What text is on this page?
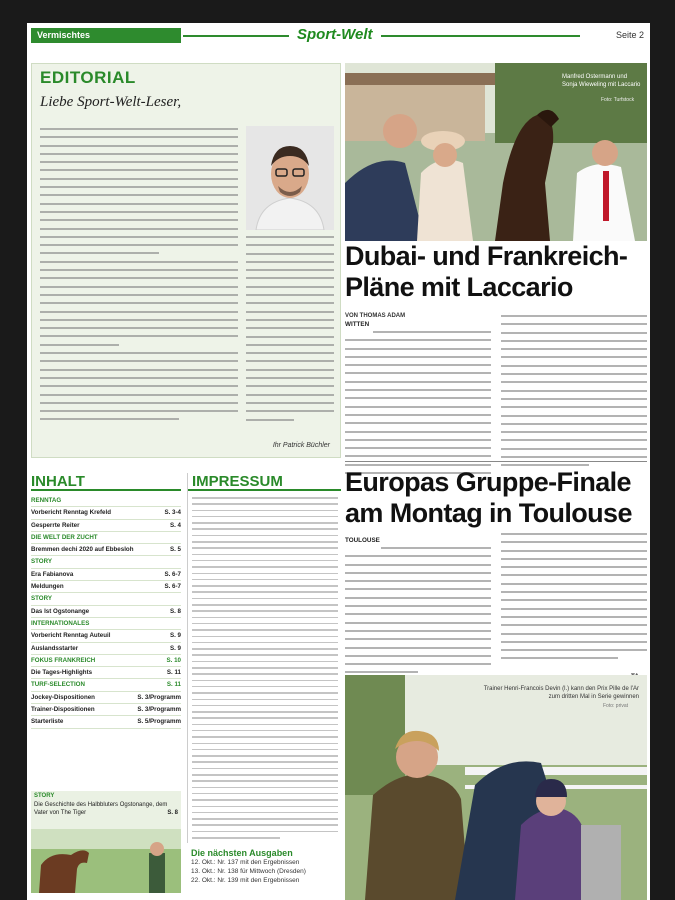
Vermischtes	Sport-Welt	Seite 2
EDITORIAL
Liebe Sport-Welt-Leser,
Ihr Patrick Büchler
INHALT
RENNTAG
Vorbericht Renntag Krefeld	S. 3-4
Gesperrte Reiter	S. 4
DIE WELT DER ZUCHT
Bremmen dechi 2020 auf Ebbesloh	S. 5
STORY
Era Fabianova	S. 6-7
Meldungen	S. 6-7
STORY
Das Ist Ogstonange	S. 8
INTERNATIONALES
Vorbericht Renntag Auteuil	S. 9
Auslandsstarter	S. 9
FOKUS FRANKREICH	S. 10
Die Tages-Highlights	S. 11
TURF-SELECTION	S. 11
Jockey-Dispositionen	S. 3/Programm
Trainer-Dispositionen	S. 3/Programm
Starterliste	S. 5/Programm
STORY
Die Geschichte des Halbbluters Ogstonange, dem Vater von The Tiger	S. 8
IMPRESSUM
Die nächsten Ausgaben
12. Okt.: Nr. 137 mit den Ergebnissen
13. Okt.: Nr. 138 für Mittwoch (Dresden)
22. Okt.: Nr. 139 mit den Ergebnissen
Manfred Ostermann und Sonja Wieweling mit Laccario
Foto: Turfstock
Dubai- und Frankreich-Pläne mit Laccario
VON THOMAS ADAM
WITTEN
Europas Gruppe-Finale am Montag in Toulouse
TOULOUSE
Trainer Henri-Francois Devin (l.) kann den Prix Pille de l'Ar zum dritten Mal in Serie gewinnen
Foto: privat
